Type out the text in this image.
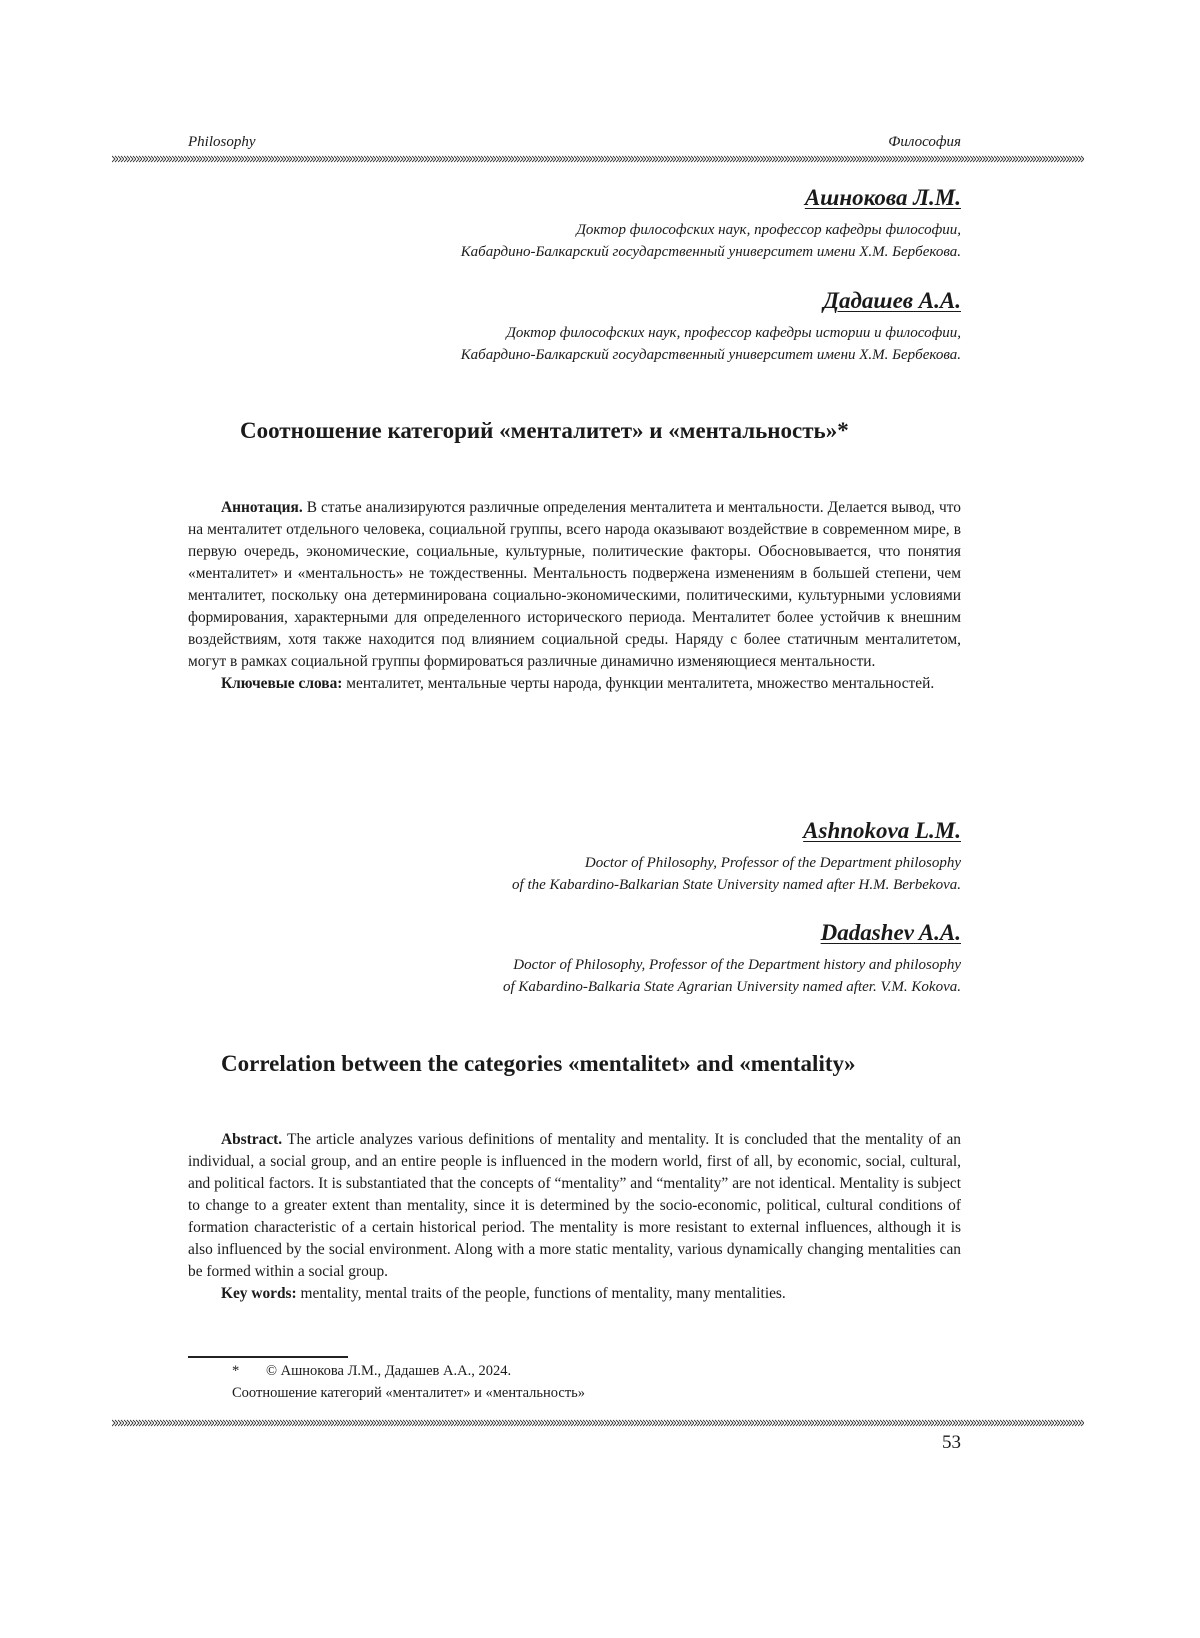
Philosophy	Философия
Ашнокова Л.М.
Доктор философских наук, профессор кафедры философии,
Кабардино-Балкарский государственный университет имени Х.М. Бербекова.
Дадашев А.А.
Доктор философских наук, профессор кафедры истории и философии,
Кабардино-Балкарский государственный университет имени Х.М. Бербекова.
Соотношение категорий «менталитет» и «ментальность»*

Аннотация. В статье анализируются различные определения менталитета и ментальности. Делается вывод, что на менталитет отдельного человека, социальной группы, всего народа оказывают воздействие в современном мире, в первую очередь, экономические, социальные, культурные, политические факторы. Обосновывается, что понятия «менталитет» и «ментальность» не тождественны. Ментальность подвержена изменениям в большей степени, чем менталитет, поскольку она детерминирована социально-экономическими, политическими, культурными условиями формирования, характерными для определенного исторического периода. Менталитет более устойчив к внешним воздействиям, хотя также находится под влиянием социальной среды. Наряду с более статичным менталитетом, могут в рамках социальной группы формироваться различные динамично изменяющиеся ментальности.

Ключевые слова: менталитет, ментальные черты народа, функции менталитета, множество ментальностей.

Ashnokova L.M.
Doctor of Philosophy, Professor of the Department philosophy
of the Kabardino-Balkarian State University named after H.M. Berbekova.
Dadashev A.A.
Doctor of Philosophy, Professor of the Department history and philosophy
of Kabardino-Balkaria State Agrarian University named after. V.M. Kokova.
Correlation between the categories «mentalitet» and «mentality»

Abstract. The article analyzes various definitions of mentality and mentality. It is concluded that the mentality of an individual, a social group, and an entire people is influenced in the modern world, first of all, by economic, social, cultural, and political factors. It is substantiated that the concepts of “mentality” and “mentality” are not identical. Mentality is subject to change to a greater extent than mentality, since it is determined by the socio-economic, political, cultural conditions of formation characteristic of a certain historical period. The mentality is more resistant to external influences, although it is also influenced by the social environment. Along with a more static mentality, various dynamically changing mentalities can be formed within a social group.

Key words: mentality, mental traits of the people, functions of mentality, many mentalities.

* © Ашнокова Л.М., Дадашев А.А., 2024.
Соотношение категорий «менталитет» и «ментальность»
53
